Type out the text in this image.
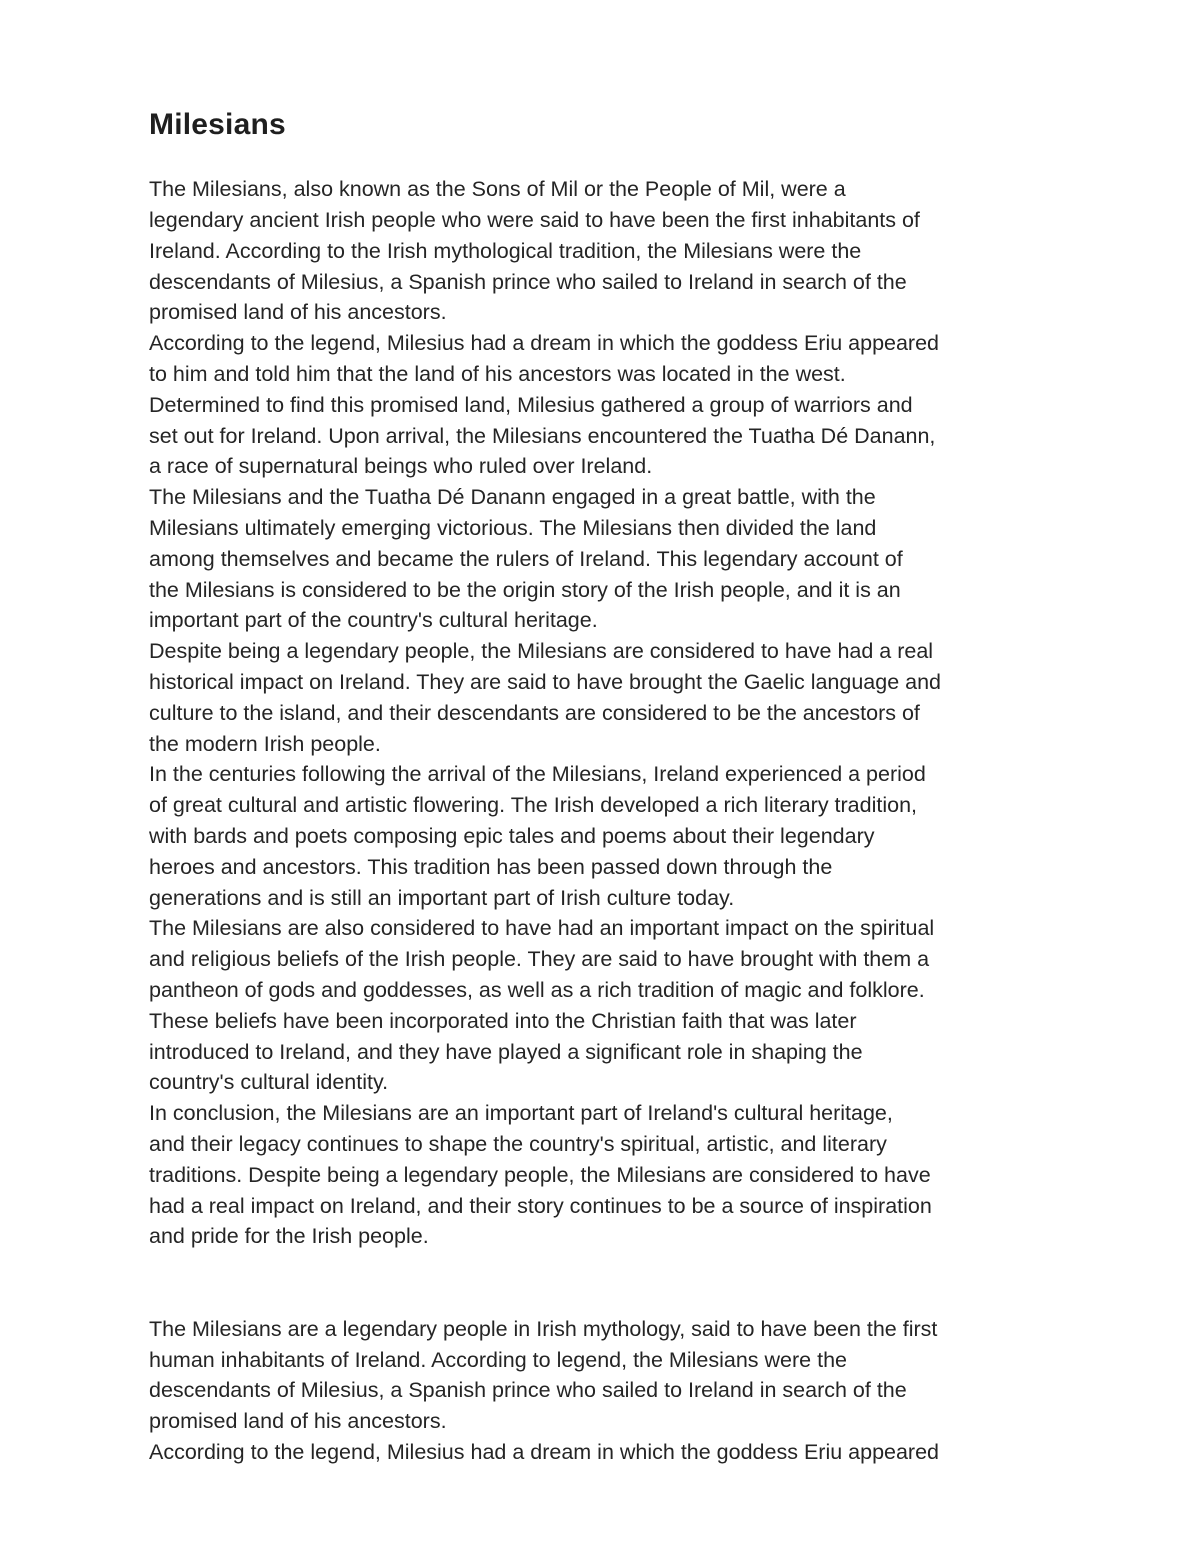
Milesians

The Milesians, also known as the Sons of Mil or the People of Mil, were a

legendary ancient Irish people who were said to have been the first inhabitants of

Ireland. According to the Irish mythological tradition, the Milesians were the

descendants of Milesius, a Spanish prince who sailed to Ireland in search of the

promised land of his ancestors.

According to the legend, Milesius had a dream in which the goddess Eriu appeared

to him and told him that the land of his ancestors was located in the west.

Determined to find this promised land, Milesius gathered a group of warriors and

set out for Ireland. Upon arrival, the Milesians encountered the Tuatha Dé Danann,

a race of supernatural beings who ruled over Ireland.

The Milesians and the Tuatha Dé Danann engaged in a great battle, with the

Milesians ultimately emerging victorious. The Milesians then divided the land

among themselves and became the rulers of Ireland. This legendary account of

the Milesians is considered to be the origin story of the Irish people, and it is an

important part of the country's cultural heritage.

Despite being a legendary people, the Milesians are considered to have had a real

historical impact on Ireland. They are said to have brought the Gaelic language and

culture to the island, and their descendants are considered to be the ancestors of

the modern Irish people.

In the centuries following the arrival of the Milesians, Ireland experienced a period

of great cultural and artistic flowering. The Irish developed a rich literary tradition,

with bards and poets composing epic tales and poems about their legendary

heroes and ancestors. This tradition has been passed down through the

generations and is still an important part of Irish culture today.

The Milesians are also considered to have had an important impact on the spiritual

and religious beliefs of the Irish people. They are said to have brought with them a

pantheon of gods and goddesses, as well as a rich tradition of magic and folklore.

These beliefs have been incorporated into the Christian faith that was later

introduced to Ireland, and they have played a significant role in shaping the

country's cultural identity.

In conclusion, the Milesians are an important part of Ireland's cultural heritage,

and their legacy continues to shape the country's spiritual, artistic, and literary

traditions. Despite being a legendary people, the Milesians are considered to have

had a real impact on Ireland, and their story continues to be a source of inspiration

and pride for the Irish people.

The Milesians are a legendary people in Irish mythology, said to have been the first

human inhabitants of Ireland. According to legend, the Milesians were the

descendants of Milesius, a Spanish prince who sailed to Ireland in search of the

promised land of his ancestors.

According to the legend, Milesius had a dream in which the goddess Eriu appeared
